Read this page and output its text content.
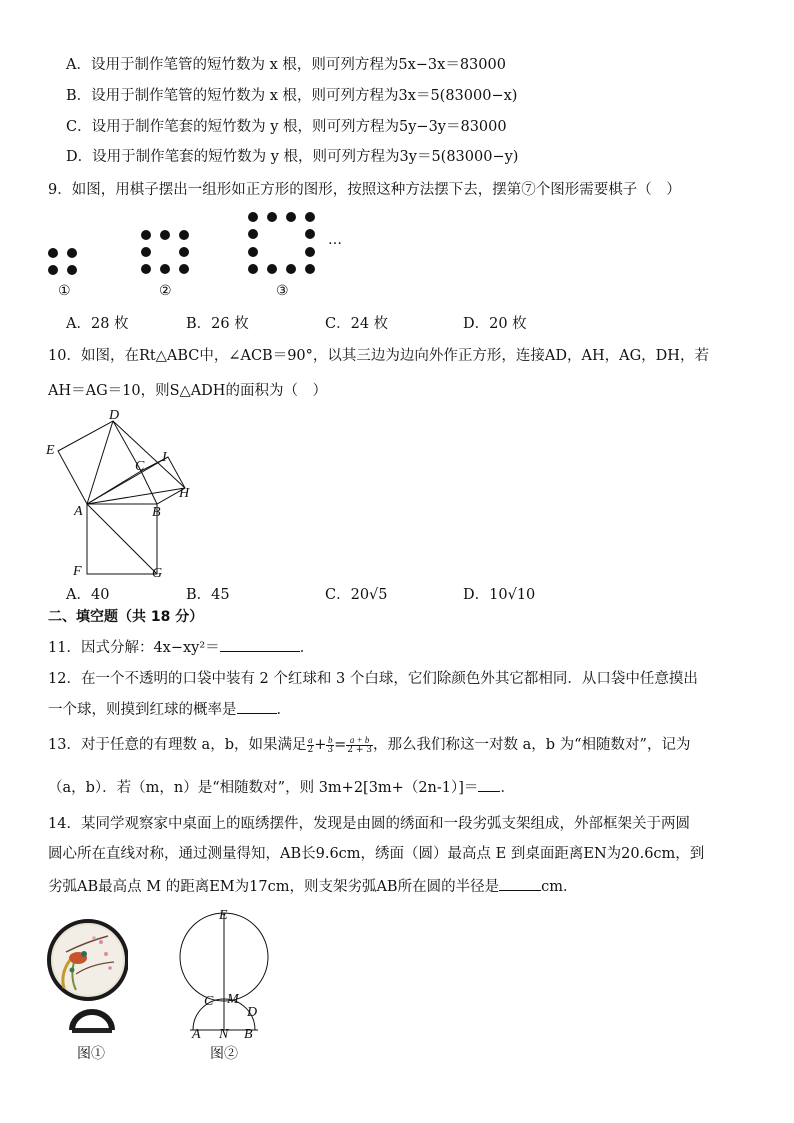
A．设用于制作笔管的短竹数为 x 根，则可列方程为5x−3x＝83000
B．设用于制作笔管的短竹数为 x 根，则可列方程为3x＝5(83000−x)
C．设用于制作笔套的短竹数为 y 根，则可列方程为5y−3y＝83000
D．设用于制作笔套的短竹数为 y 根，则可列方程为3y＝5(83000−y)
9．如图，用棋子摆出一组形如正方形的图形，按照这种方法摆下去，摆第⑦个图形需要棋子（　）
…
①	②	③
A．28 枚	B．26 枚	C．24 枚	D．20 枚
10．如图，在Rt△ABC中，∠ACB＝90°，以其三边为边向外作正方形，连接AD，AH，AG，DH，若
AH＝AG＝10，则S△ADH的面积为（　）
D
E	I
C
H
A	B
F	G
A．40	B．45	C．20√5	D．10√10
二、填空题（共 18 分）
11．因式分解：4x−xy²＝	．
12．在一个不透明的口袋中装有 2 个红球和 3 个白球，它们除颜色外其它都相同．从口袋中任意摸出
一个球，则摸到红球的概率是	．
13．对于任意的有理数 a，b，如果满足 $\frac{a}{2} + \frac{b}{3} = \frac{a + b}{2 + 3}$ ，那么我们称这一对数 a，b 为“相随数对”，记为
（a，b）．若（m，n）是“相随数对”，则 3m+2[3m+（2n-1）]＝ ．
14．某同学观察家中桌面上的瓯绣摆件，发现是由圆的绣面和一段劣弧支架组成，外部框架关于两圆
圆心所在直线对称，通过测量得知，AB长9.6cm，绣面（圆）最高点 E 到桌面距离EN为20.6cm，到
劣弧AB最高点 M 的距离EM为17cm，则支架劣弧AB所在圆的半径是	cm．
图①
E
C M
D
A N B
图②
